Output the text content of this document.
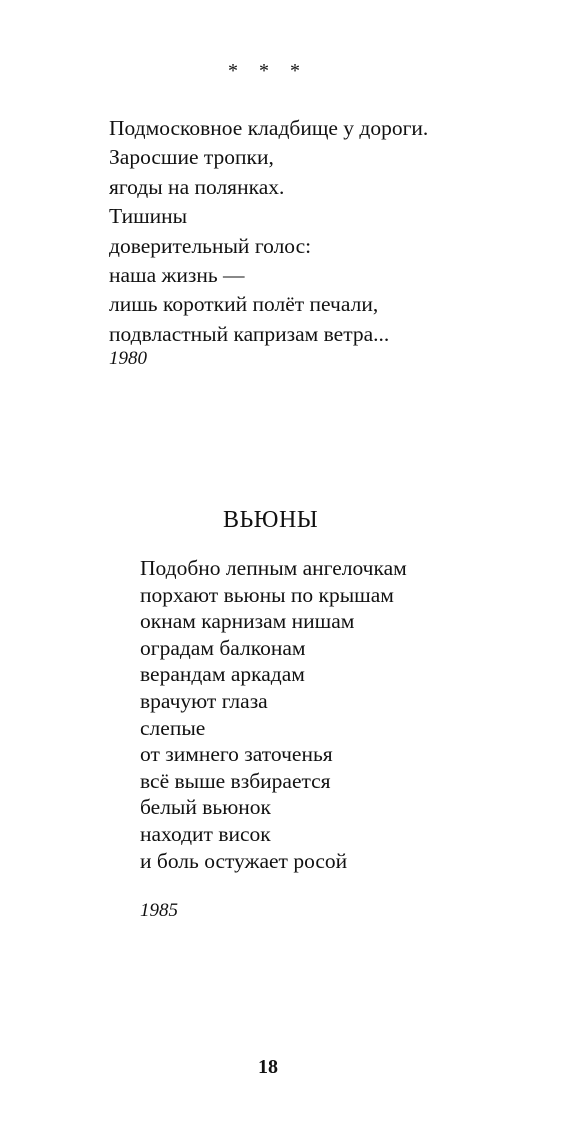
* * *
Подмосковное кладбище у дороги.
Заросшие тропки,
ягоды на полянках.
Тишины
доверительный голос:
наша жизнь —
лишь короткий полёт печали,
подвластный капризам ветра...
1980
ВЬЮНЫ
Подобно лепным ангелочкам
порхают вьюны по крышам
окнам карнизам нишам
оградам балконам
верандам аркадам
врачуют глаза
слепые
от зимнего заточенья
всё выше взбирается
белый вьюнок
находит висок
и боль остужает росой
1985
18
